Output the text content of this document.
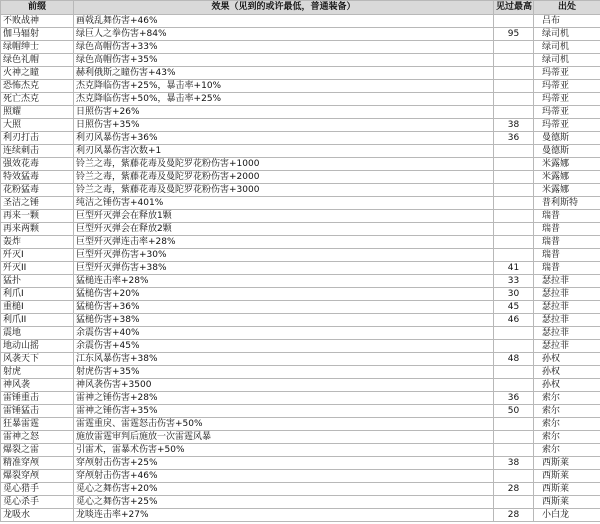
前缀	效果（见到的或许最低，普通装备）	见过最高	出处
不败战神	画戟乱舞伤害+46%		吕布
伽马辐射	绿巨人之拳伤害+84%	95	绿司机
绿帽绅士	绿色高帽伤害+33%		绿司机
绿色礼帽	绿色高帽伤害+35%		绿司机
火神之瞳	赫利俄斯之瞳伤害+43%		玛蒂亚
恐怖杰克	杰克降临伤害+25%，暴击率+10%		玛蒂亚
死亡杰克	杰克降临伤害+50%，暴击率+25%		玛蒂亚
照耀	日照伤害+26%		玛蒂亚
大照	日照伤害+35%	38	玛蒂亚
利刃打击	利刃风暴伤害+36%	36	曼德斯
连续刺击	利刃风暴伤害次数+1		曼德斯
强效花毒	铃兰之毒，紫藤花毒及曼陀罗花粉伤害+1000		米露娜
特效猛毒	铃兰之毒，紫藤花毒及曼陀罗花粉伤害+2000		米露娜
花粉猛毒	铃兰之毒，紫藤花毒及曼陀罗花粉伤害+3000		米露娜
圣洁之锤	纯洁之锤伤害+401%		普利斯特
再来一颗	巨型歼灭弹会在释放1颗		瑞普
再来两颗	巨型歼灭弹会在释放2颗		瑞普
轰炸	巨型歼灭弹连击率+28%		瑞普
歼灭I	巨型歼灭弹伤害+30%		瑞普
歼灭II	巨型歼灭弹伤害+38%	41	瑞普
猛扑	猛槌连击率+28%	33	瑟拉菲
利爪I	猛槌伤害+20%	30	瑟拉菲
重槌I	猛槌伤害+36%	45	瑟拉菲
利爪II	猛槌伤害+38%	46	瑟拉菲
震地	余震伤害+40%		瑟拉菲
地动山摇	余震伤害+45%		瑟拉菲
风袭天下	江东风暴伤害+38%	48	孙权
射虎	射虎伤害+35%		孙权
神风袭	神风袭伤害+3500		孙权
雷锤重击	雷神之锤伤害+28%	36	索尔
雷锤猛击	雷神之锤伤害+35%	50	索尔
狂暴雷霆	雷霆重戾、雷霆怒击伤害+50%		索尔
雷神之怒	施放雷霆审判后施放一次雷霆风暴		索尔
爆裂之雷	引雷术，雷暴术伤害+50%		索尔
精准穿颅	穿颅射击伤害+25%	38	西斯莱
爆裂穿颅	穿颅射击伤害+46%		西斯莱
觅心猎手	觅心之舞伤害+20%	28	西斯莱
觅心杀手	觅心之舞伤害+25%		西斯莱
龙吸水	龙啖连击率+27%	28	小白龙
